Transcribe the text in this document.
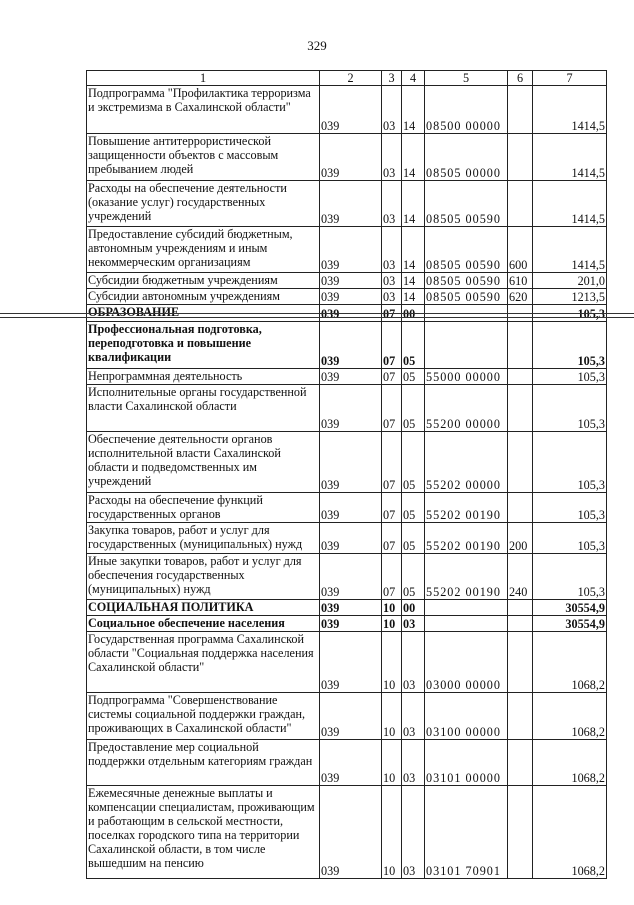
329
1	2	3	4	5	6	7
Подпрограмма "Профилактика терроризма и экстремизма в Сахалинской области"	039	03	14	08500 00000		1414,5
Повышение антитеррористической защищенности объектов с массовым пребыванием людей	039	03	14	08505 00000		1414,5
Расходы на обеспечение деятельности (оказание услуг) государственных учреждений	039	03	14	08505 00590		1414,5
Предоставление субсидий бюджетным, автономным учреждениям и иным некоммерческим организациям	039	03	14	08505 00590	600	1414,5
Субсидии бюджетным учреждениям	039	03	14	08505 00590	610	201,0
Субсидии автономным учреждениям	039	03	14	08505 00590	620	1213,5
ОБРАЗОВАНИЕ	039	07	00			105,3
Профессиональная подготовка, переподготовка и повышение квалификации	039	07	05			105,3
Непрограммная деятельность	039	07	05	55000 00000		105,3
Исполнительные органы государственной власти Сахалинской области	039	07	05	55200 00000		105,3
Обеспечение деятельности органов исполнительной власти Сахалинской области и подведомственных им учреждений	039	07	05	55202 00000		105,3
Расходы на обеспечение функций государственных органов	039	07	05	55202 00190		105,3
Закупка товаров, работ и услуг для государственных (муниципальных) нужд	039	07	05	55202 00190	200	105,3
Иные закупки товаров, работ и услуг для обеспечения государственных (муниципальных) нужд	039	07	05	55202 00190	240	105,3
СОЦИАЛЬНАЯ ПОЛИТИКА	039	10	00			30554,9
Социальное обеспечение населения	039	10	03			30554,9
Государственная программа Сахалинской области "Социальная поддержка населения Сахалинской области"	039	10	03	03000 00000		1068,2
Подпрограмма "Совершенствование системы социальной поддержки граждан, проживающих в Сахалинской области"	039	10	03	03100 00000		1068,2
Предоставление мер социальной поддержки отдельным категориям граждан	039	10	03	03101 00000		1068,2
Ежемесячные денежные выплаты и компенсации специалистам, проживающим и работающим в сельской местности, поселках городского типа на территории Сахалинской области, в том числе вышедшим на пенсию	039	10	03	03101 70901		1068,2
